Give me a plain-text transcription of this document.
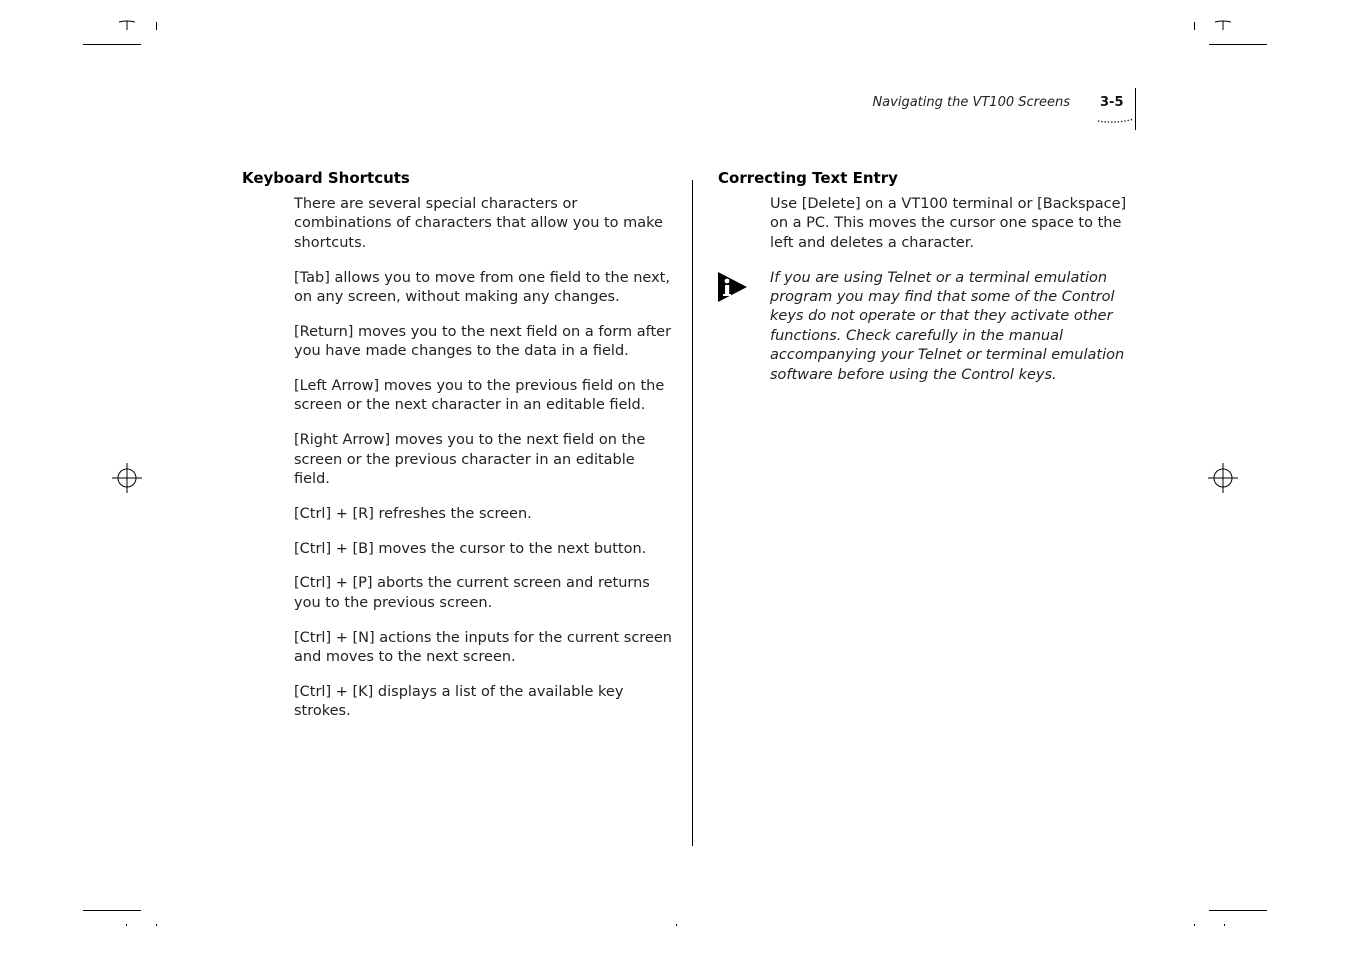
Navigating the VT100 Screens 3-5

Keyboard Shortcuts

There are several special characters or combinations of characters that allow you to make shortcuts.

[Tab] allows you to move from one field to the next, on any screen, without making any changes.

[Return] moves you to the next field on a form after you have made changes to the data in a field.

[Left Arrow] moves you to the previous field on the screen or the next character in an editable field.

[Right Arrow] moves you to the next field on the screen or the previous character in an editable field.

[Ctrl] + [R] refreshes the screen.

[Ctrl] + [B] moves the cursor to the next button.

[Ctrl] + [P] aborts the current screen and returns you to the previous screen.

[Ctrl] + [N] actions the inputs for the current screen and moves to the next screen.

[Ctrl] + [K] displays a list of the available key strokes.

Correcting Text Entry

Use [Delete] on a VT100 terminal or [Backspace] on a PC. This moves the cursor one space to the left and deletes a character.

If you are using Telnet or a terminal emulation program you may find that some of the Control keys do not operate or that they activate other functions. Check carefully in the manual accompanying your Telnet or terminal emulation software before using the Control keys.
